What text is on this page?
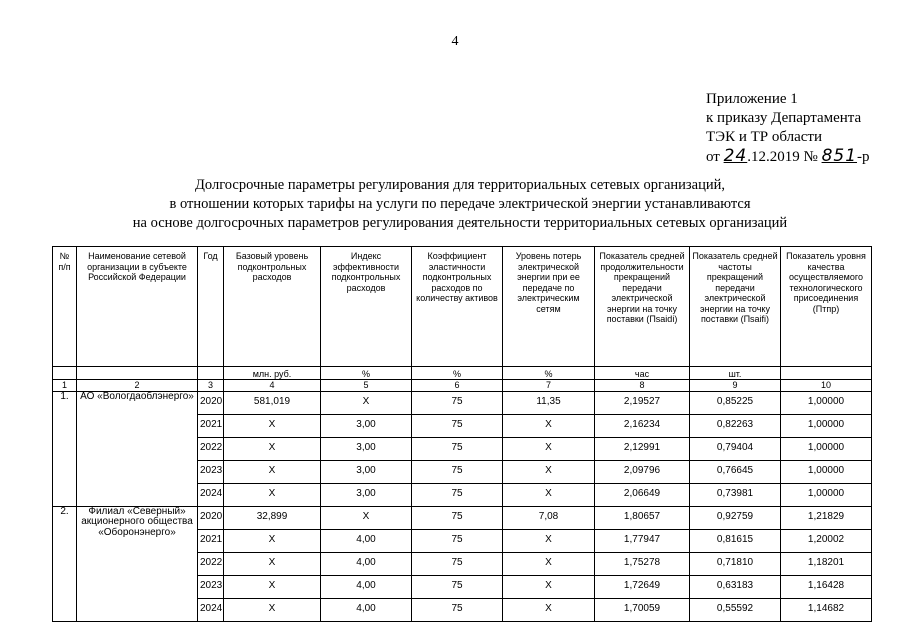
4
Приложение 1
к приказу Департамента
ТЭК и ТР области
от 24.12.2019 № 851-р
Долгосрочные параметры регулирования для территориальных сетевых организаций,
в отношении которых тарифы на услуги по передаче электрической энергии устанавливаются
на основе долгосрочных параметров регулирования деятельности территориальных сетевых организаций
№ п/п	Наименование сетевой организации в субъекте Российской Федерации	Год	Базовый уровень подконтрольных расходов	Индекс эффективности подконтрольных расходов	Коэффициент эластичности подконтрольных расходов по количеству активов	Уровень потерь электрической энергии при ее передаче по электрическим сетям	Показатель средней продолжительности прекращений передачи электрической энергии на точку поставки (Пsaidi)	Показатель средней частоты прекращений передачи электрической энергии на точку поставки (Пsaifi)	Показатель уровня качества осуществляемого технологического присоединения (Птпр)
			млн. руб.	%	%	%	час	шт.	
1	2	3	4	5	6	7	8	9	10
1.	АО «Вологдаоблэнерго»	2020	581,019	Х	75	11,35	2,19527	0,85225	1,00000
		2021	Х	3,00	75	Х	2,16234	0,82263	1,00000
		2022	Х	3,00	75	Х	2,12991	0,79404	1,00000
		2023	Х	3,00	75	Х	2,09796	0,76645	1,00000
		2024	Х	3,00	75	Х	2,06649	0,73981	1,00000
2.	Филиал «Северный» акционерного общества «Оборонэнерго»	2020	32,899	Х	75	7,08	1,80657	0,92759	1,21829
		2021	Х	4,00	75	Х	1,77947	0,81615	1,20002
		2022	Х	4,00	75	Х	1,75278	0,71810	1,18201
		2023	Х	4,00	75	Х	1,72649	0,63183	1,16428
		2024	Х	4,00	75	Х	1,70059	0,55592	1,14682
